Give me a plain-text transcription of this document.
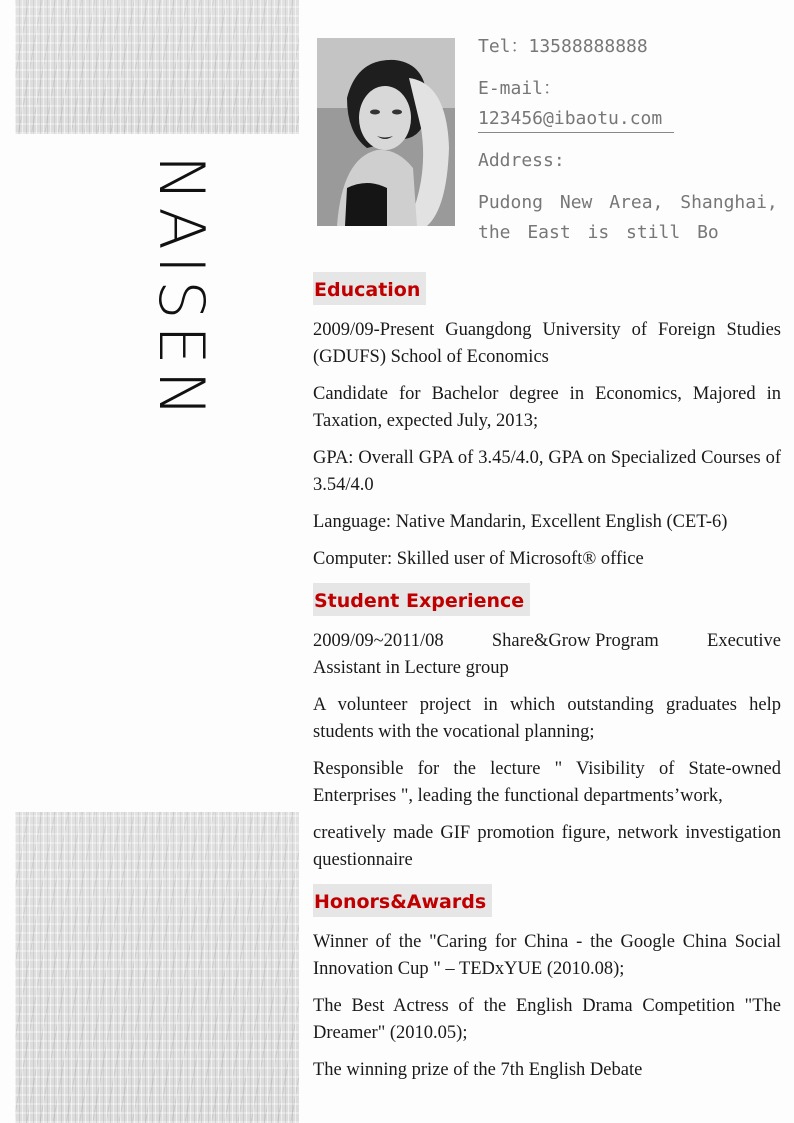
NAISEN
Tel：13588888888
E-mail：
123456@ibaotu.com
Address:
Pudong New Area, Shanghai, the East is still Bo
Education

2009/09-Present Guangdong University of Foreign Studies (GDUFS) School of Economics

Candidate for Bachelor degree in Economics, Majored in Taxation, expected July, 2013;

GPA: Overall GPA of 3.45/4.0, GPA on Specialized Courses of 3.54/4.0

Language: Native Mandarin, Excellent English (CET-6)

Computer: Skilled user of Microsoft® office

Student Experience
2009/09~2011/08	Share&Grow Program	Executive
Assistant in Lecture group

A volunteer project in which outstanding graduates help students with the vocational planning;

Responsible for the lecture " Visibility of State-owned Enterprises ", leading the functional departments’work,

creatively made GIF promotion figure, network investigation questionnaire

Honors&Awards

Winner of the "Caring for China - the Google China Social Innovation Cup " – TEDxYUE (2010.08);

The Best Actress of the English Drama Competition "The Dreamer" (2010.05);

The winning prize of the 7th English Debate
